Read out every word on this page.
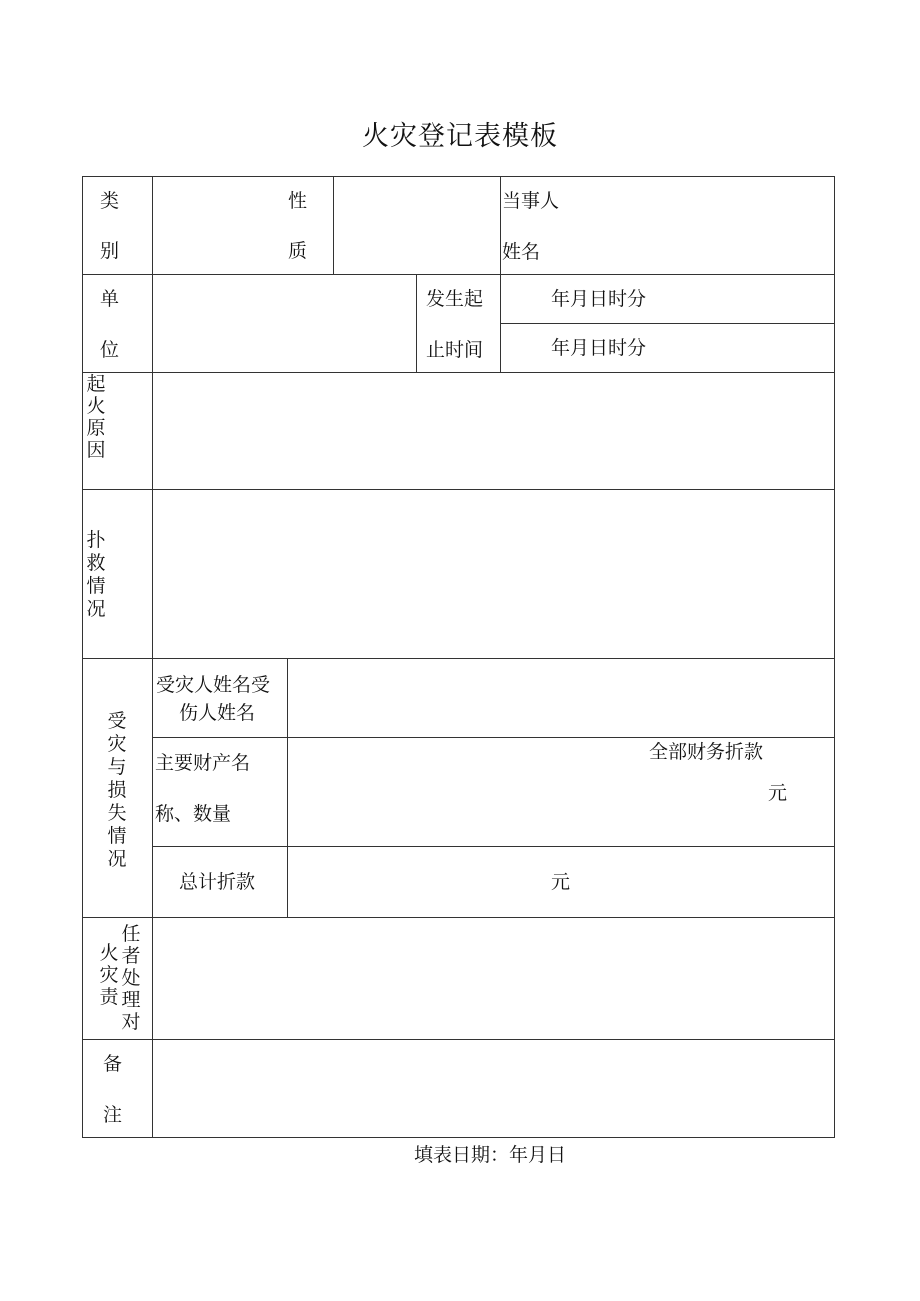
火灾登记表模板
类
别
性
质
当事人
姓名
单
位
发生起
止时间
年月日时分
年月日时分
起火原因
扑救情况
受灾与损失情况
受灾人姓名受
伤人姓名
主要财产名
称、数量
全部财务折款
元
总计折款	元
火灾责
任者处理对
备
注
填表日期：年月日
